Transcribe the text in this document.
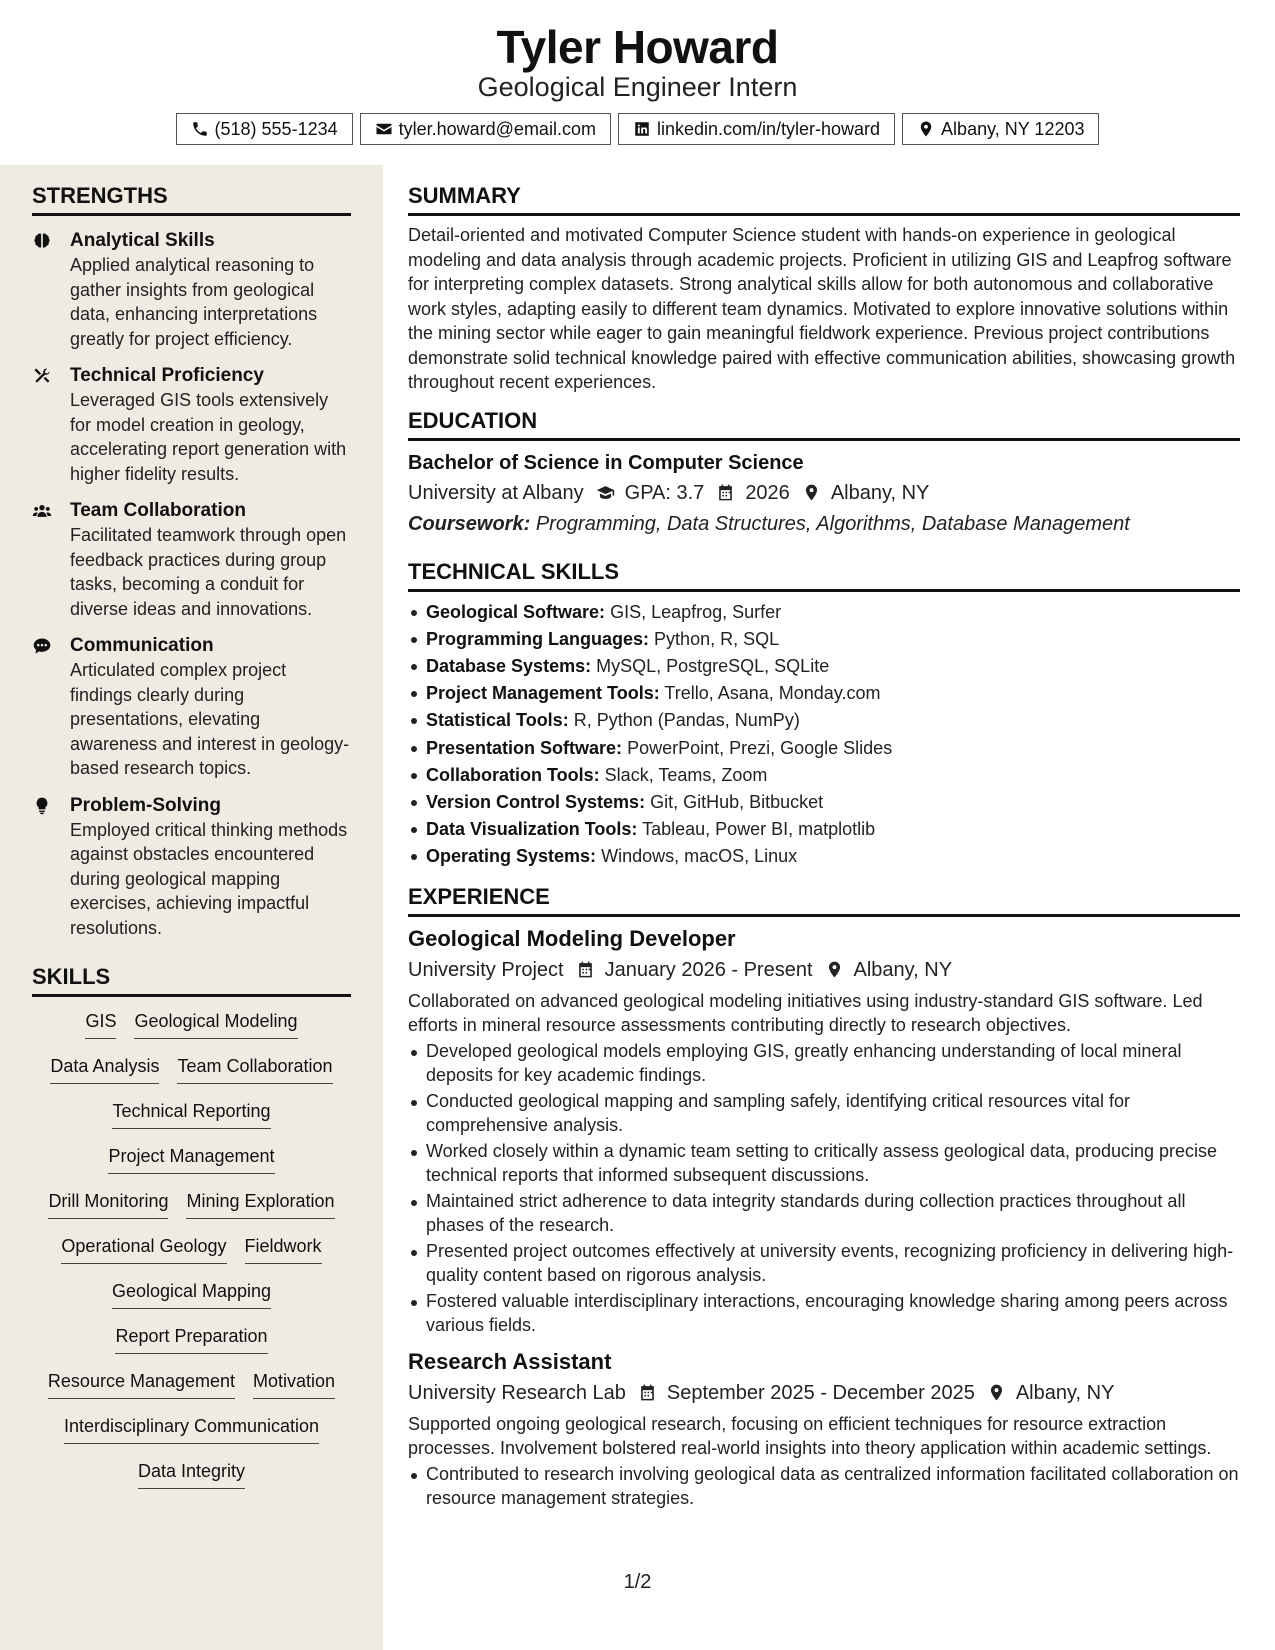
Tyler Howard
Geological Engineer Intern
(518) 555-1234	tyler.howard@email.com	linkedin.com/in/tyler-howard	Albany, NY 12203
STRENGTHS
Analytical Skills
Applied analytical reasoning to gather insights from geological data, enhancing interpretations greatly for project efficiency.
Technical Proficiency
Leveraged GIS tools extensively for model creation in geology, accelerating report generation with higher fidelity results.
Team Collaboration
Facilitated teamwork through open feedback practices during group tasks, becoming a conduit for diverse ideas and innovations.
Communication
Articulated complex project findings clearly during presentations, elevating awareness and interest in geology-based research topics.
Problem-Solving
Employed critical thinking methods against obstacles encountered during geological mapping exercises, achieving impactful resolutions.
SKILLS
GIS Geological Modeling
Data Analysis Team Collaboration
Technical Reporting
Project Management
Drill Monitoring Mining Exploration
Operational Geology Fieldwork
Geological Mapping
Report Preparation
Resource Management Motivation
Interdisciplinary Communication
Data Integrity
SUMMARY
Detail-oriented and motivated Computer Science student with hands-on experience in geological modeling and data analysis through academic projects. Proficient in utilizing GIS and Leapfrog software for interpreting complex datasets. Strong analytical skills allow for both autonomous and collaborative work styles, adapting easily to different team dynamics. Motivated to explore innovative solutions within the mining sector while eager to gain meaningful fieldwork experience. Previous project contributions demonstrate solid technical knowledge paired with effective communication abilities, showcasing growth throughout recent experiences.
EDUCATION
Bachelor of Science in Computer Science
University at Albany GPA: 3.7 2026 Albany, NY
Coursework: Programming, Data Structures, Algorithms, Database Management
TECHNICAL SKILLS
Geological Software: GIS, Leapfrog, Surfer
Programming Languages: Python, R, SQL
Database Systems: MySQL, PostgreSQL, SQLite
Project Management Tools: Trello, Asana, Monday.com
Statistical Tools: R, Python (Pandas, NumPy)
Presentation Software: PowerPoint, Prezi, Google Slides
Collaboration Tools: Slack, Teams, Zoom
Version Control Systems: Git, GitHub, Bitbucket
Data Visualization Tools: Tableau, Power BI, matplotlib
Operating Systems: Windows, macOS, Linux
EXPERIENCE
Geological Modeling Developer
University Project January 2026 - Present Albany, NY
Collaborated on advanced geological modeling initiatives using industry-standard GIS software. Led efforts in mineral resource assessments contributing directly to research objectives.
Developed geological models employing GIS, greatly enhancing understanding of local mineral deposits for key academic findings.
Conducted geological mapping and sampling safely, identifying critical resources vital for comprehensive analysis.
Worked closely within a dynamic team setting to critically assess geological data, producing precise technical reports that informed subsequent discussions.
Maintained strict adherence to data integrity standards during collection practices throughout all phases of the research.
Presented project outcomes effectively at university events, recognizing proficiency in delivering high-quality content based on rigorous analysis.
Fostered valuable interdisciplinary interactions, encouraging knowledge sharing among peers across various fields.
Research Assistant
University Research Lab September 2025 - December 2025 Albany, NY
Supported ongoing geological research, focusing on efficient techniques for resource extraction processes. Involvement bolstered real-world insights into theory application within academic settings.
Contributed to research involving geological data as centralized information facilitated collaboration on resource management strategies.
1/2
